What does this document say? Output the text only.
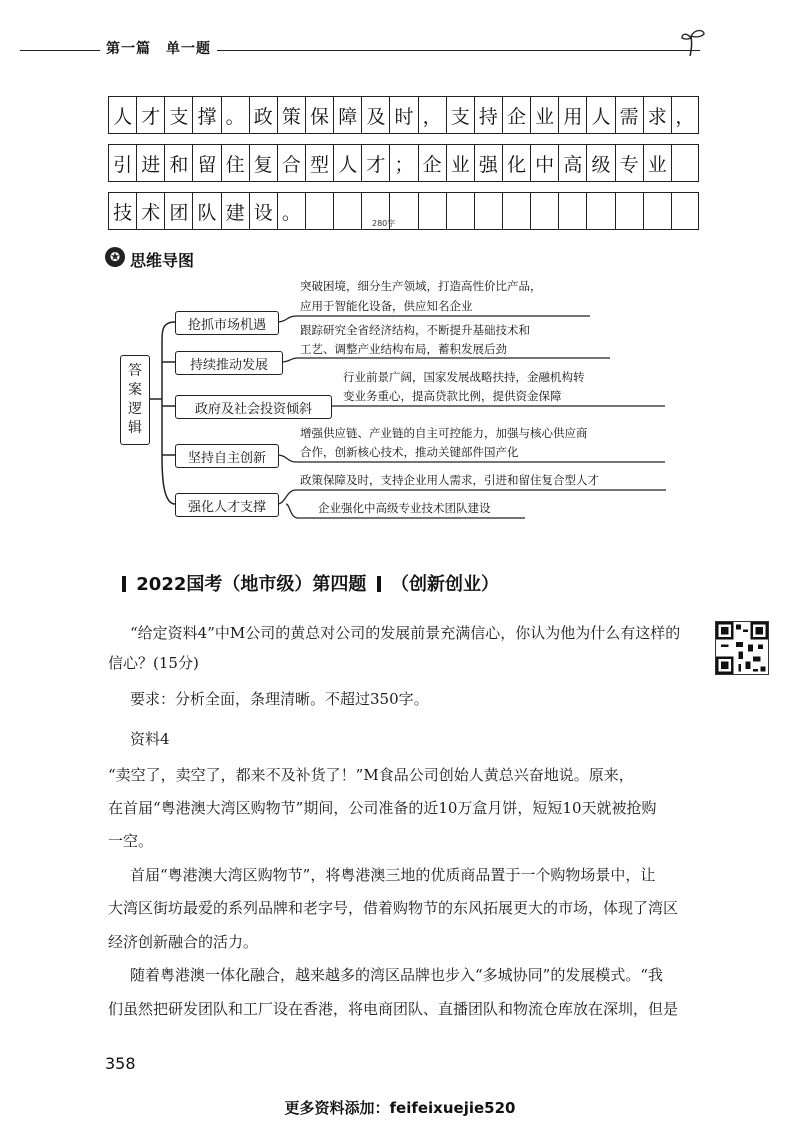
第一篇　单一题
人 才 支 撑 。 政 策 保 障 及 时 ， 支 持 企 业 用 人 需 求 ，
引 进 和 留 住 复 合 型 人 才 ； 企 业 强 化 中 高 级 专 业
技 术 团 队 建 设 。	280字
✪ 思维导图
答
案
逻
辑
抢抓市场机遇
持续推动发展
政府及社会投资倾斜
坚持自主创新
强化人才支撑
突破困境，细分生产领域，打造高性价比产品，
应用于智能化设备，供应知名企业
跟踪研究全省经济结构，不断提升基础技术和
工艺、调整产业结构布局，蓄积发展后劲
行业前景广阔，国家发展战略扶持，金融机构转
变业务重心，提高贷款比例，提供资金保障
增强供应链、产业链的自主可控能力，加强与核心供应商
合作，创新核心技术，推动关键部件国产化
政策保障及时，支持企业用人需求，引进和留住复合型人才
企业强化中高级专业技术团队建设
2022国考（地市级）第四题 （创新创业）
“给定资料4”中M公司的黄总对公司的发展前景充满信心，你认为他为什么有这样的
信心？(15分)
要求：分析全面，条理清晰。不超过350字。
资料4
“卖空了，卖空了，都来不及补货了！”M食品公司创始人黄总兴奋地说。原来，
在首届“粤港澳大湾区购物节”期间，公司准备的近10万盒月饼，短短10天就被抢购
一空。
首届“粤港澳大湾区购物节”，将粤港澳三地的优质商品置于一个购物场景中，让
大湾区街坊最爱的系列品牌和老字号，借着购物节的东风拓展更大的市场，体现了湾区
经济创新融合的活力。
随着粤港澳一体化融合，越来越多的湾区品牌也步入“多城协同”的发展模式。“我
们虽然把研发团队和工厂设在香港，将电商团队、直播团队和物流仓库放在深圳，但是
358
更多资料添加：feifeixuejie520
